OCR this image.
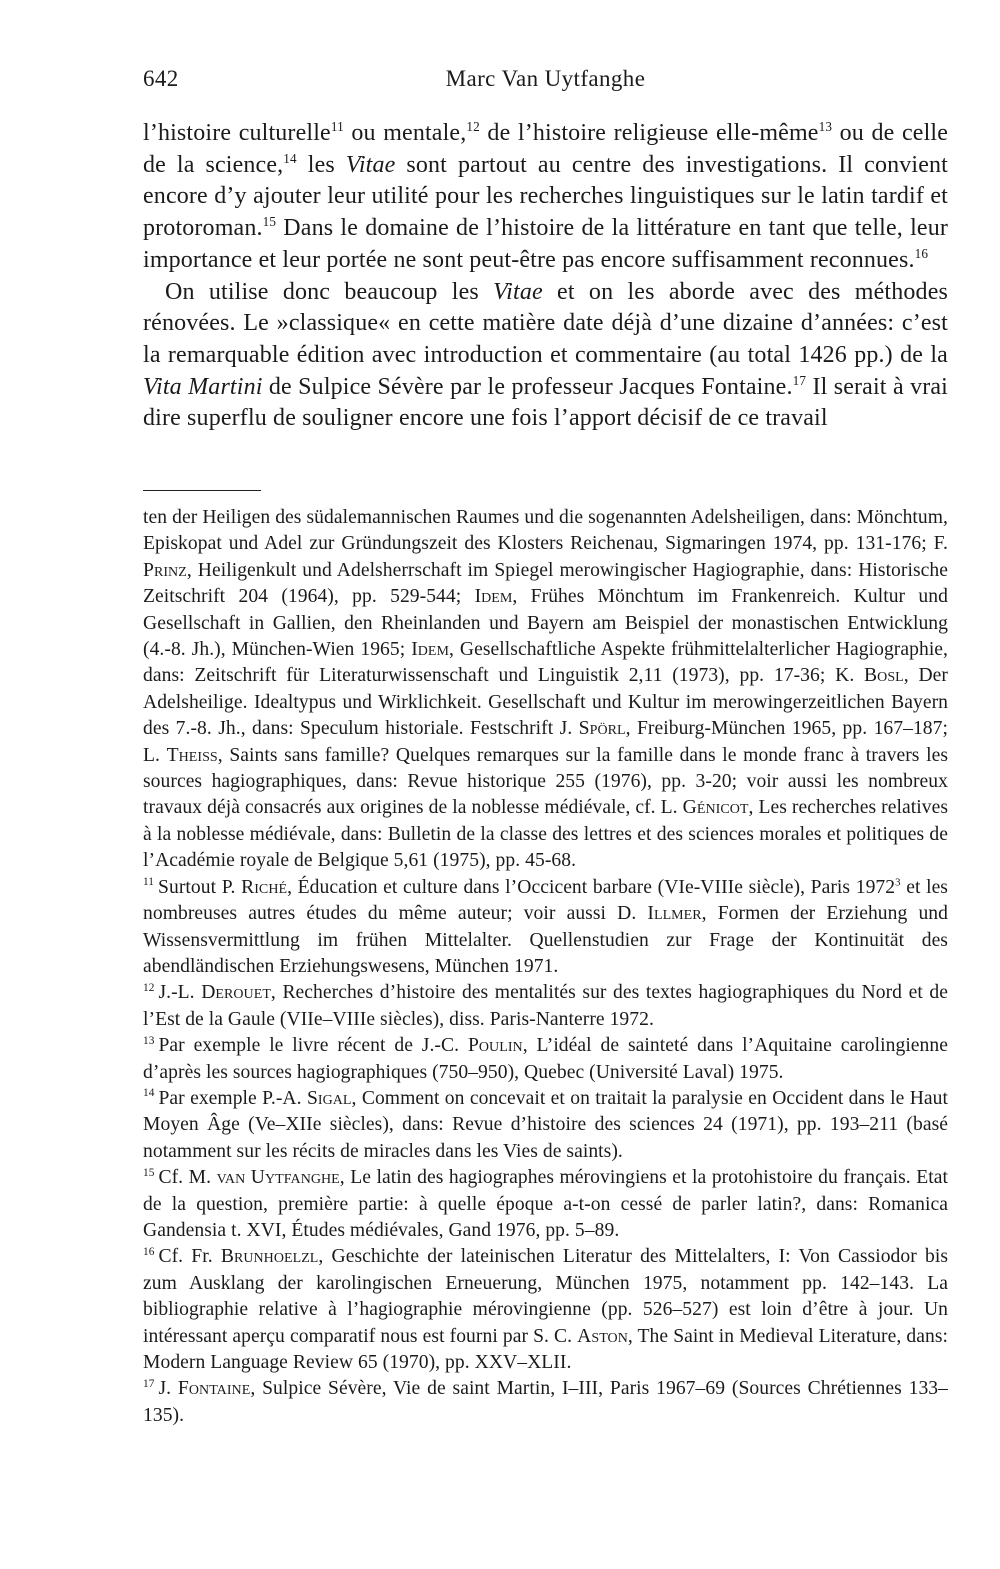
642	Marc Van Uytfanghe

l’histoire culturelle$^{11}$ ou mentale,$^{12}$ de l’histoire religieuse elle-même$^{13}$ ou de celle de la science,$^{14}$ les Vitae sont partout au centre des investigations. Il convient encore d’y ajouter leur utilité pour les recherches linguistiques sur le latin tardif et protoroman.$^{15}$ Dans le domaine de l’histoire de la littérature en tant que telle, leur importance et leur portée ne sont peut-être pas encore suffisamment reconnues.$^{16}$

On utilise donc beaucoup les Vitae et on les aborde avec des méthodes rénovées. Le »classique« en cette matière date déjà d’une dizaine d’années: c’est la remarquable édition avec introduction et commentaire (au total 1426 pp.) de la Vita Martini de Sulpice Sévère par le professeur Jacques Fontaine.$^{17}$ Il serait à vrai dire superflu de souligner encore une fois l’apport décisif de ce travail

ten der Heiligen des südalemannischen Raumes und die sogenannten Adelsheiligen, dans: Mönchtum, Episkopat und Adel zur Gründungszeit des Klosters Reichenau, Sigmaringen 1974, pp. 131-176; F. Prinz, Heiligenkult und Adelsherrschaft im Spiegel merowingischer Hagiographie, dans: Historische Zeitschrift 204 (1964), pp. 529-544; Idem, Frühes Mönchtum im Frankenreich. Kultur und Gesellschaft in Gallien, den Rheinlanden und Bayern am Beispiel der monastischen Entwicklung (4.-8. Jh.), München-Wien 1965; Idem, Gesellschaftliche Aspekte frühmittelalterlicher Hagiographie, dans: Zeitschrift für Literaturwissenschaft und Linguistik 2,11 (1973), pp. 17-36; K. Bosl, Der Adelsheilige. Idealtypus und Wirklichkeit. Gesellschaft und Kultur im merowingerzeitlichen Bayern des 7.-8. Jh., dans: Speculum historiale. Festschrift J. Spörl, Freiburg-München 1965, pp. 167–187; L. Theiss, Saints sans famille? Quelques remarques sur la famille dans le monde franc à travers les sources hagiographiques, dans: Revue historique 255 (1976), pp. 3-20; voir aussi les nombreux travaux déjà consacrés aux origines de la noblesse médiévale, cf. L. Génicot, Les recherches relatives à la noblesse médiévale, dans: Bulletin de la classe des lettres et des sciences morales et politiques de l’Académie royale de Belgique 5,61 (1975), pp. 45-68.

$^{11}$ Surtout P. Riché, Éducation et culture dans l’Occicent barbare (VIe-VIIIe siècle), Paris 1972$^3$ et les nombreuses autres études du même auteur; voir aussi D. Illmer, Formen der Erziehung und Wissensvermittlung im frühen Mittelalter. Quellenstudien zur Frage der Kontinuität des abendländischen Erziehungswesens, München 1971.

$^{12}$ J.-L. Derouet, Recherches d’histoire des mentalités sur des textes hagiographiques du Nord et de l’Est de la Gaule (VIIe–VIIIe siècles), diss. Paris-Nanterre 1972.

$^{13}$ Par exemple le livre récent de J.-C. Poulin, L’idéal de sainteté dans l’Aquitaine carolingienne d’après les sources hagiographiques (750–950), Quebec (Université Laval) 1975.

$^{14}$ Par exemple P.-A. Sigal, Comment on concevait et on traitait la paralysie en Occident dans le Haut Moyen Âge (Ve–XIIe siècles), dans: Revue d’histoire des sciences 24 (1971), pp. 193–211 (basé notamment sur les récits de miracles dans les Vies de saints).

$^{15}$ Cf. M. van Uytfanghe, Le latin des hagiographes mérovingiens et la protohistoire du français. Etat de la question, première partie: à quelle époque a-t-on cessé de parler latin?, dans: Romanica Gandensia t. XVI, Études médiévales, Gand 1976, pp. 5–89.

$^{16}$ Cf. Fr. Brunhoelzl, Geschichte der lateinischen Literatur des Mittelalters, I: Von Cassiodor bis zum Ausklang der karolingischen Erneuerung, München 1975, notamment pp. 142–143. La bibliographie relative à l’hagiographie mérovingienne (pp. 526–527) est loin d’être à jour. Un intéressant aperçu comparatif nous est fourni par S. C. Aston, The Saint in Medieval Literature, dans: Modern Language Review 65 (1970), pp. XXV–XLII.

$^{17}$ J. Fontaine, Sulpice Sévère, Vie de saint Martin, I–III, Paris 1967–69 (Sources Chrétiennes 133–135).
